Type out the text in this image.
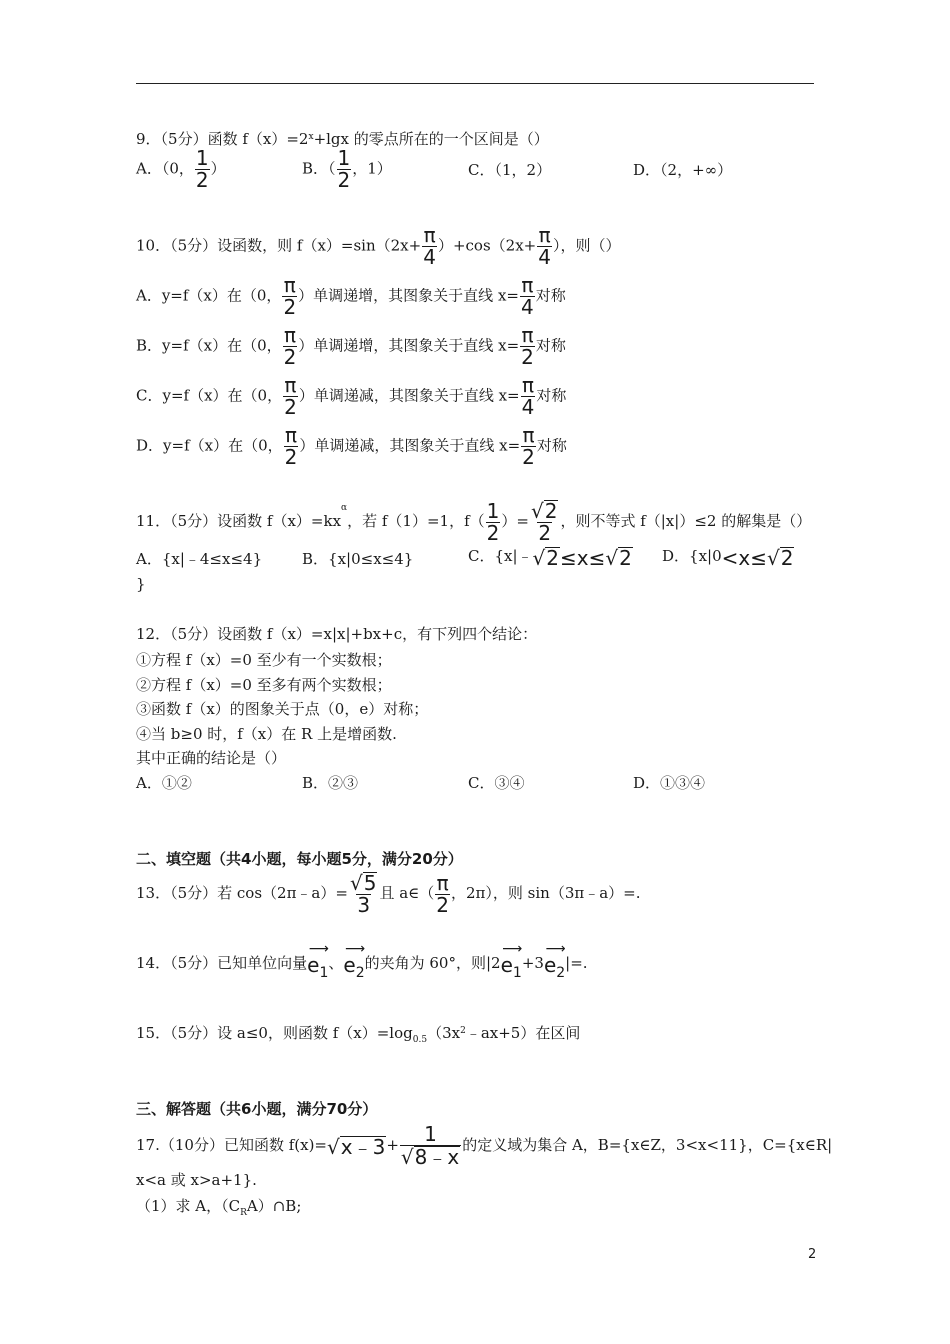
9．（5分）函数 $f(x)=2^x+\lg x$ 的零点所在的一个区间是（）
A．（0， $\frac{1}{2}$ ）	B．（ $\frac{1}{2}$ ，1）	C．（1，2）	D．（2，+∞）
10．（5分）设函数，则 $f(x)=\sin(2x+ \frac{\pi}{4} )+\cos(2x+ \frac{\pi}{4}$ ），则（）
A．y=f（x）在（0， $\frac{\pi}{2}$ ）单调递增，其图象关于直线 $x= \frac{\pi}{4}$ 对称
B．y=f（x）在（0， $\frac{\pi}{2}$ ）单调递增，其图象关于直线 $x= \frac{\pi}{2}$ 对称
C．y=f（x）在（0， $\frac{\pi}{2}$ ）单调递减，其图象关于直线 $x= \frac{\pi}{4}$ 对称
D．y=f（x）在（0， $\frac{\pi}{2}$ ）单调递减，其图象关于直线 $x= \frac{\pi}{2}$ 对称
11．（5分）设函数 $f(x)=kx^\alpha$，若 f（1）=1，$f( \frac{1}{2}$ ）= $\frac{√ 2}{2}$ ，则不等式 f（|x|）≤2 的解集是（）
A．{x|﹣4≤x≤4}	B．{x|0≤x≤4}	C．{x|﹣√ 2 ≤x≤√ 2 D．{x|0<x≤√ 2
}
12．（5分）设函数 f（x）=x|x|+bx+c，有下列四个结论：
①方程 f（x）=0 至少有一个实数根；
②方程 f（x）=0 至多有两个实数根；
③函数 f（x）的图象关于点（0，e）对称；
④当 b≥0 时，f（x）在 R 上是增函数.
其中正确的结论是（）
A．①②	B．②③	C．③④	D．①③④
二、填空题（共4小题，每小题5分，满分20分）
13．（5分）若 cos（2π﹣a）= $\frac{√ 5}{3}$ 且 a∈（ $\frac{\pi}{2}$ ，2π），则 sin（3π﹣a）=.
14．（5分）已知单位向量
⟶
$e_1$
、
⟶
$e_2$
的夹角为 60°，则|2
⟶
$e_1$
+3
⟶
$e_2$
|=.
15．（5分）设 a≤0，则函数 $f(x)=\log_{0.5}(3x^2﹣ax+5)$在区间
三、解答题（共6小题，满分70分）
17.（10分）已知函数 f(x)=√ x﹣3 + $\frac{1}{√ 8﹣x}$ 的定义域为集合 A，B={x∈Z，3<x<11}，C={x∈R|
x<a 或 x>a+1}.
（1）求 A，$(C_RA)\cap B$;
2
